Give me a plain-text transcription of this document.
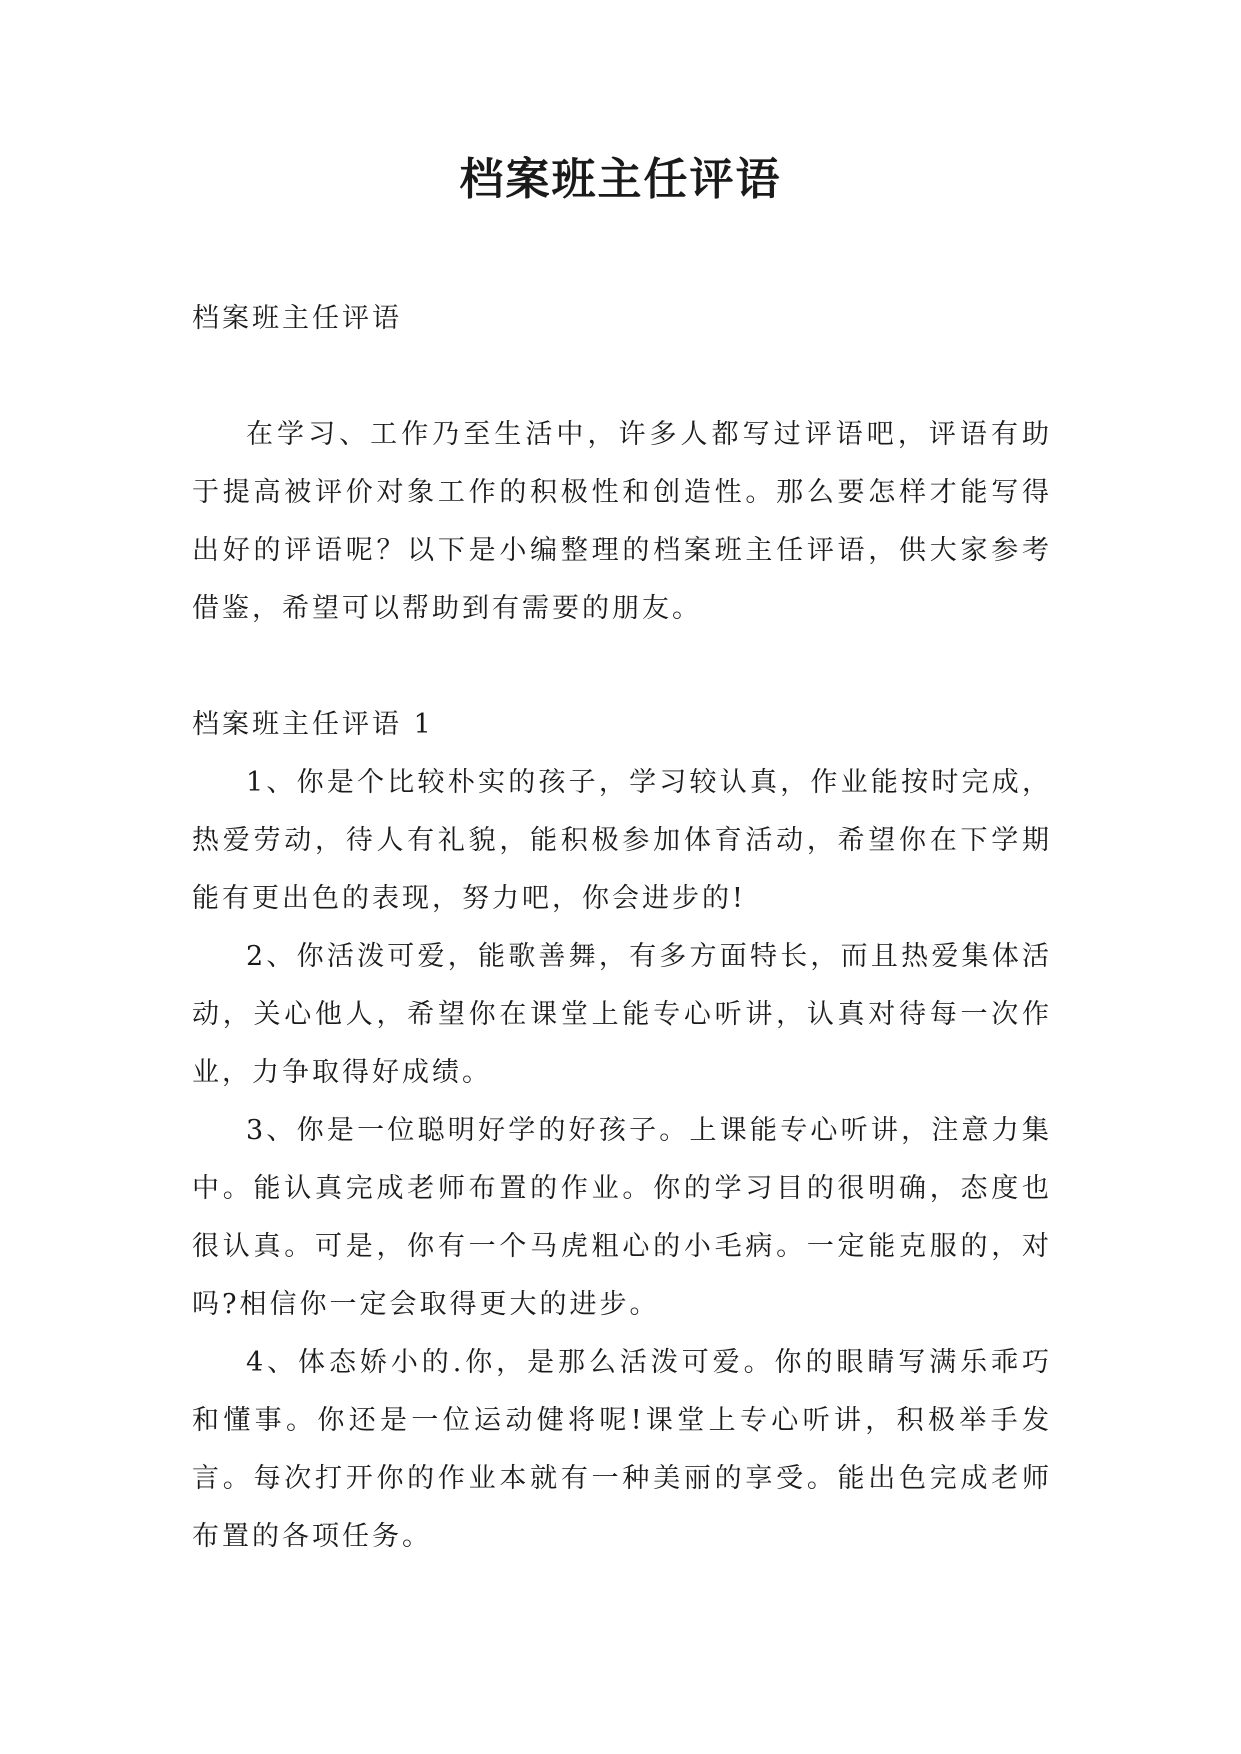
档案班主任评语

档案班主任评语

在学习、工作乃至生活中，许多人都写过评语吧，评语有助于提高被评价对象工作的积极性和创造性。那么要怎样才能写得出好的评语呢？以下是小编整理的档案班主任评语，供大家参考借鉴，希望可以帮助到有需要的朋友。

档案班主任评语 1

1、你是个比较朴实的孩子，学习较认真，作业能按时完成，热爱劳动，待人有礼貌，能积极参加体育活动，希望你在下学期能有更出色的表现，努力吧，你会进步的!

2、你活泼可爱，能歌善舞，有多方面特长，而且热爱集体活动，关心他人，希望你在课堂上能专心听讲，认真对待每一次作业，力争取得好成绩。

3、你是一位聪明好学的好孩子。上课能专心听讲，注意力集中。能认真完成老师布置的作业。你的学习目的很明确，态度也很认真。可是，你有一个马虎粗心的小毛病。一定能克服的，对吗?相信你一定会取得更大的进步。

4、体态娇小的.你，是那么活泼可爱。你的眼睛写满乐乖巧和懂事。你还是一位运动健将呢!课堂上专心听讲，积极举手发言。每次打开你的作业本就有一种美丽的享受。能出色完成老师布置的各项任务。
